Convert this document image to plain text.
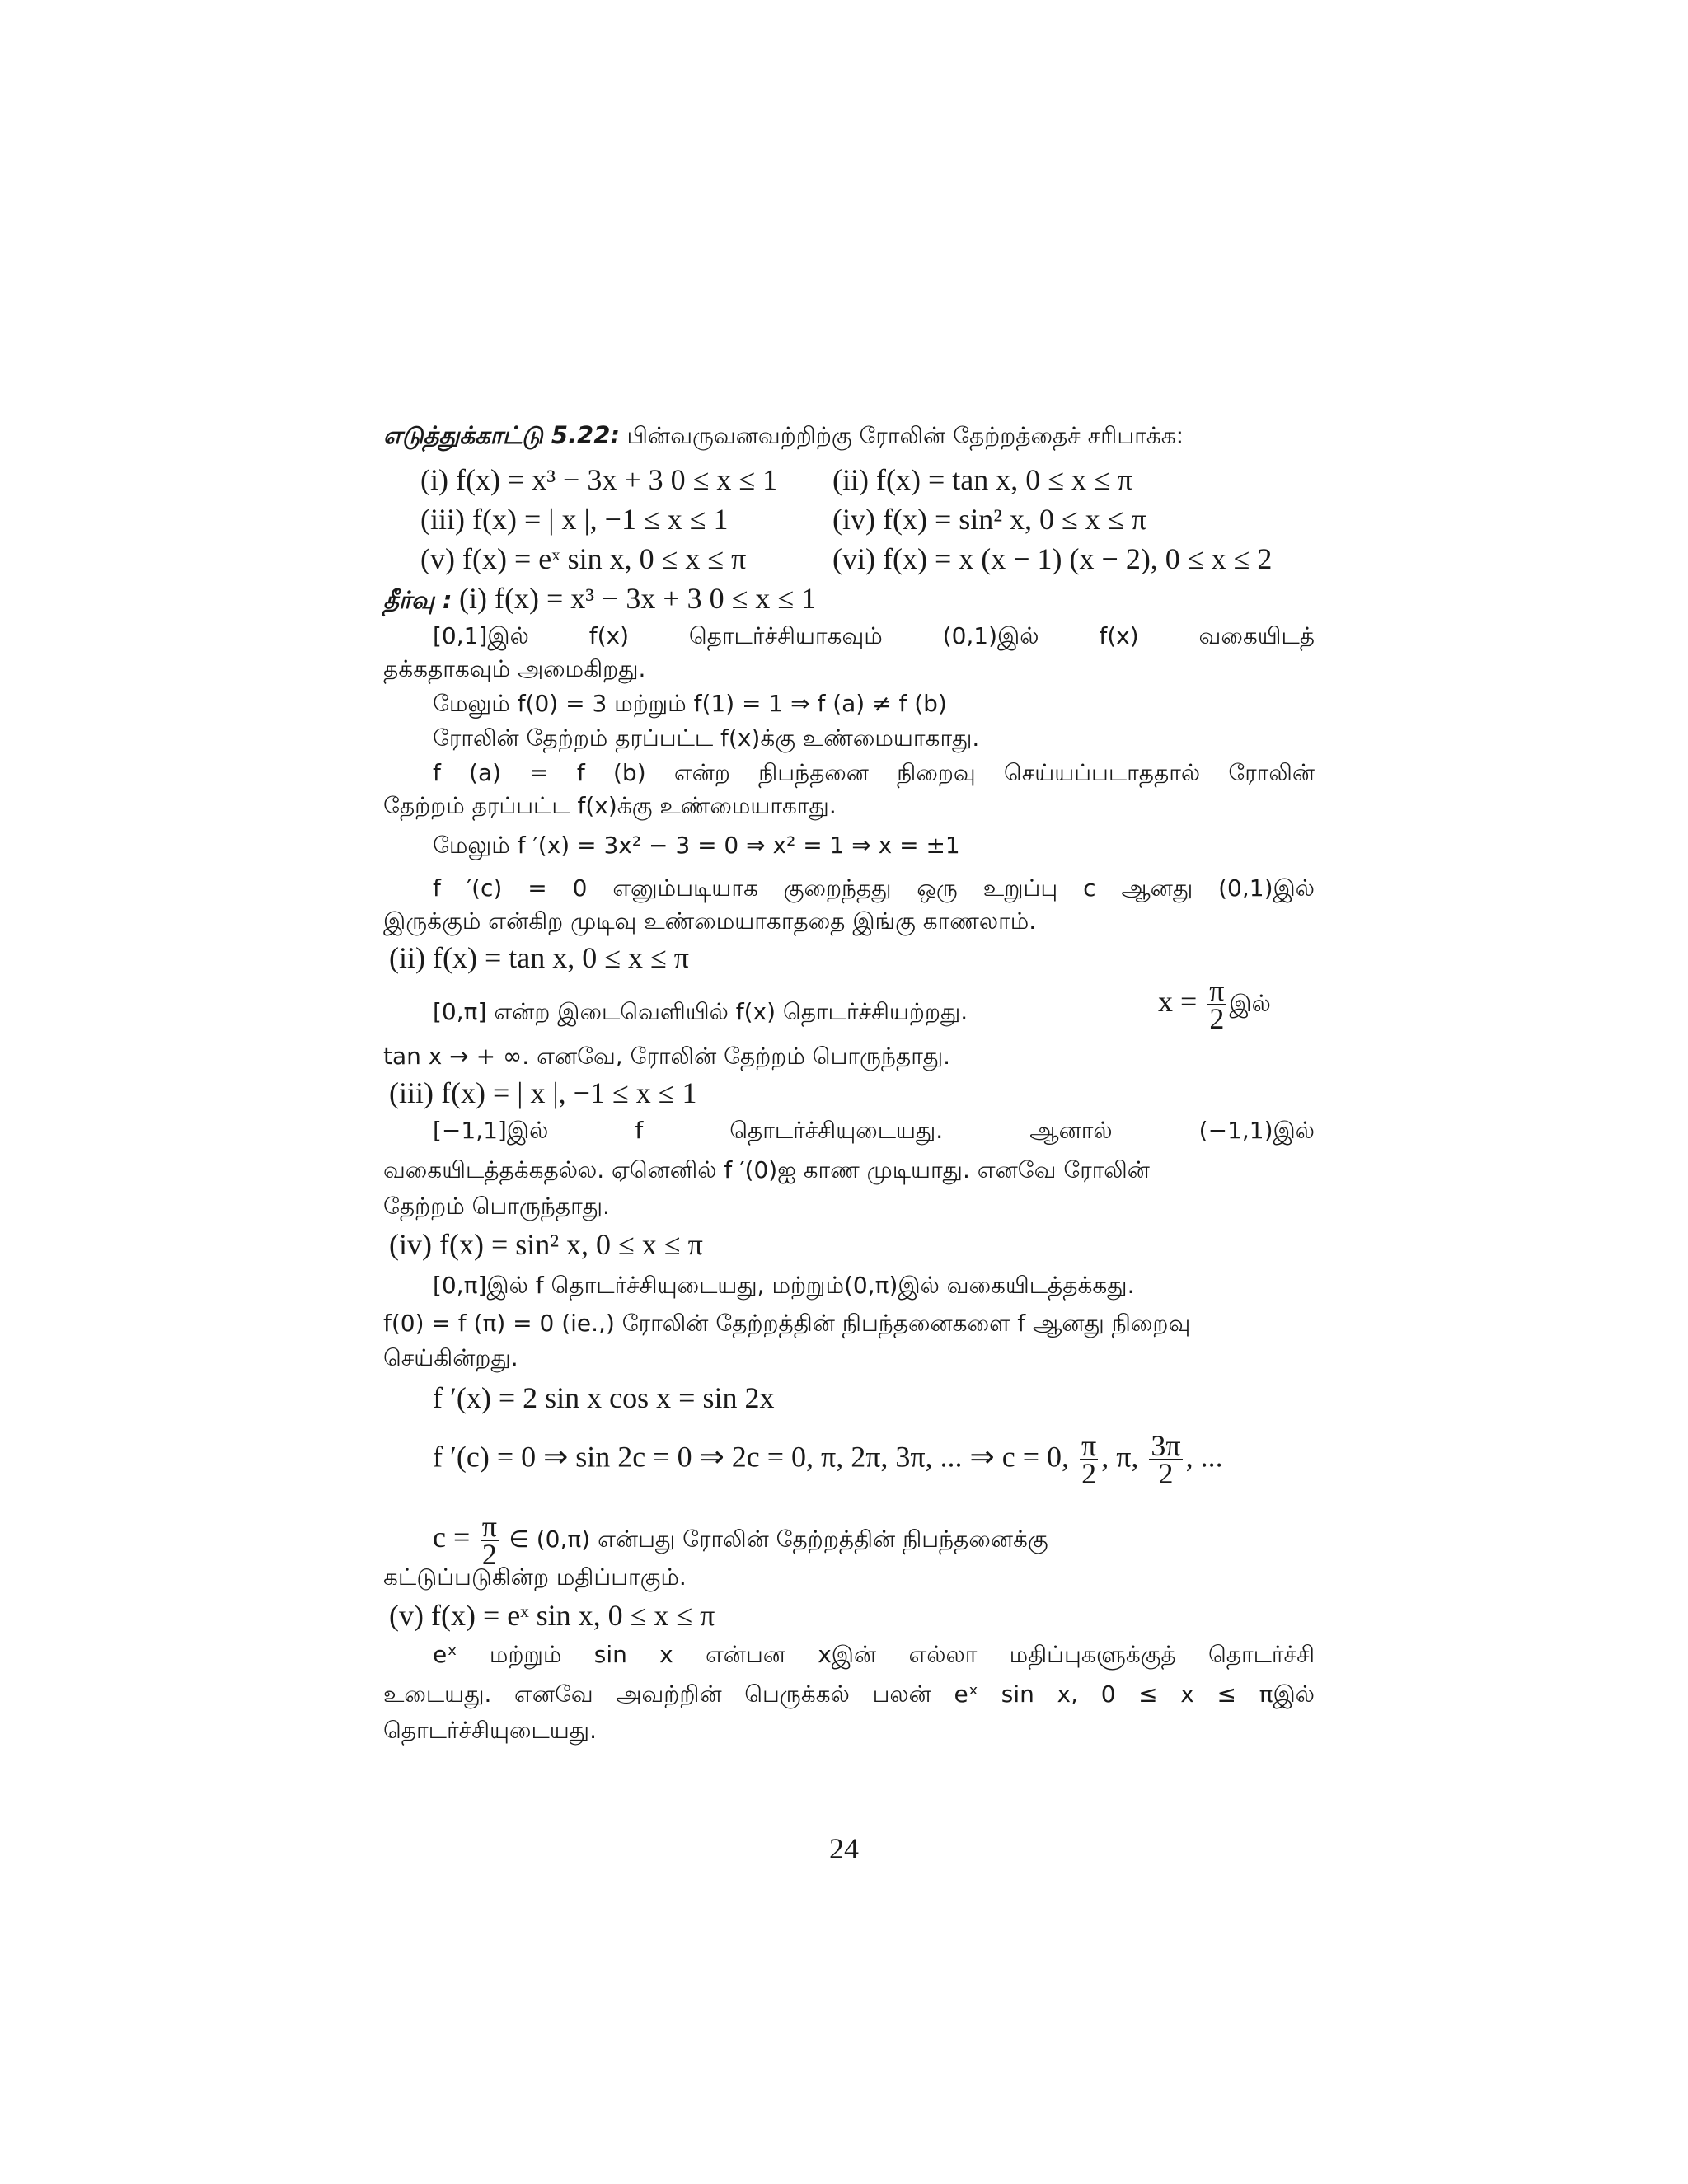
எடுத்துக்காட்டு 5.22: பின்வருவனவற்றிற்கு ரோலின் தேற்றத்தைச் சரிபாக்க:
(i) f(x) = x³ − 3x + 3 0 ≤ x ≤ 1 (ii) f(x) = tan x, 0 ≤ x ≤ π
(iii) f(x) = | x |, −1 ≤ x ≤ 1	(iv) f(x) = sin² x, 0 ≤ x ≤ π
(v) f(x) = eˣ sin x, 0 ≤ x ≤ π	(vi) f(x) = x (x − 1) (x − 2), 0 ≤ x ≤ 2
தீர்வு : (i) f(x) = x³ − 3x + 3 0 ≤ x ≤ 1
[0,1]இல் f(x) தொடர்ச்சியாகவும் (0,1)இல் f(x) வகையிடத்
தக்கதாகவும் அமைகிறது.
மேலும் f(0) = 3 மற்றும் f(1) = 1 ⇒ f (a) ≠ f (b)
ரோலின் தேற்றம் தரப்பட்ட f(x)க்கு உண்மையாகாது.
f (a) = f (b) என்ற நிபந்தனை நிறைவு செய்யப்படாததால் ரோலின்
தேற்றம் தரப்பட்ட f(x)க்கு உண்மையாகாது.
மேலும் f ′(x) = 3x² − 3 = 0 ⇒ x² = 1 ⇒ x = ±1
f ′(c) = 0 எனும்படியாக குறைந்தது ஒரு உறுப்பு c ஆனது (0,1)இல்
இருக்கும் என்கிற முடிவு உண்மையாகாததை இங்கு காணலாம்.
(ii) f(x) = tan x, 0 ≤ x ≤ π
[0,π] என்ற இடைவெளியில் f(x) தொடர்ச்சியற்றது.	$x = \frac{\pi}{2}$ இல்
tan x → + ∞. எனவே, ரோலின் தேற்றம் பொருந்தாது.
(iii) f(x) = | x |, −1 ≤ x ≤ 1
[−1,1]இல் f தொடர்ச்சியுடையது. ஆனால் (−1,1)இல்
வகையிடத்தக்கதல்ல. ஏனெனில் f ′(0)ஐ காண முடியாது. எனவே ரோலின்
தேற்றம் பொருந்தாது.
(iv) f(x) = sin² x, 0 ≤ x ≤ π
[0,π]இல் f தொடர்ச்சியுடையது, மற்றும்(0,π)இல் வகையிடத்தக்கது.
f(0) = f (π) = 0 (ie.,) ரோலின் தேற்றத்தின் நிபந்தனைகளை f ஆனது நிறைவு
செய்கின்றது.
f ′(x) = 2 sin x cos x = sin 2x
f ′(c) = 0 ⇒ sin 2c = 0 ⇒ 2c = 0, π, 2π, 3π, ... ⇒ c = 0, $\frac{\pi}{2}$ , π, $\frac{3\pi}{2}$ , ...
$c = \frac{\pi}{2}$ ∈ (0,π) என்பது ரோலின் தேற்றத்தின் நிபந்தனைக்கு
கட்டுப்படுகின்ற மதிப்பாகும்.
(v) f(x) = eˣ sin x, 0 ≤ x ≤ π
eˣ மற்றும் sin x என்பன xஇன் எல்லா மதிப்புகளுக்குத் தொடர்ச்சி
உடையது. எனவே அவற்றின் பெருக்கல் பலன் eˣ sin x, 0 ≤ x ≤ πஇல்
தொடர்ச்சியுடையது.
24
